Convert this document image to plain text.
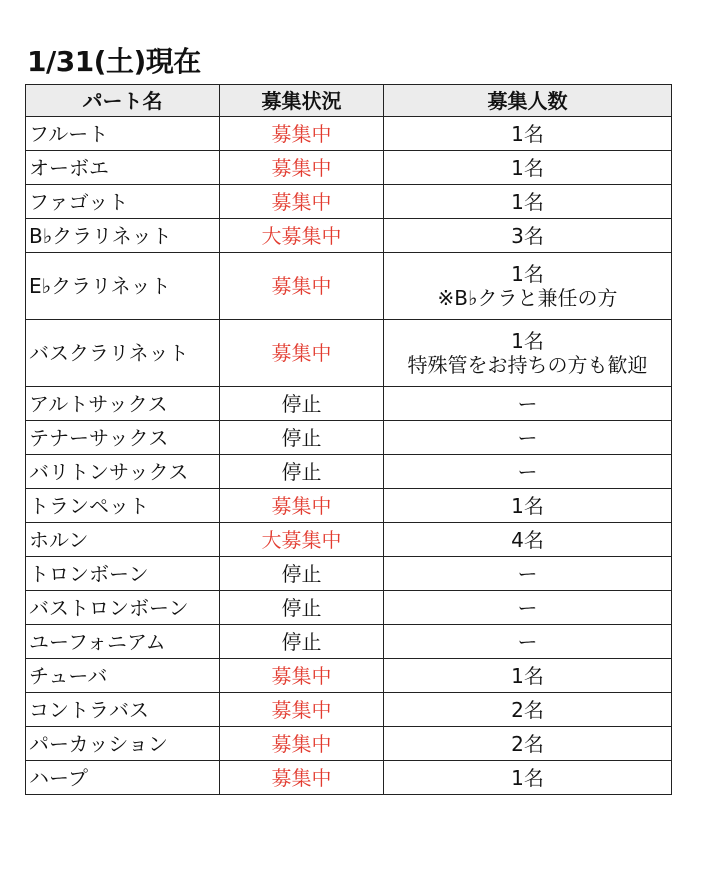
1/31(土)現在
パート名	募集状況	募集人数
フルート	募集中	1名

オーボエ	募集中	1名

ファゴット	募集中	1名

B♭クラリネット	大募集中	3名

E♭クラリネット	募集中	1名
※B♭クラと兼任の方

バスクラリネット	募集中	1名
特殊管をお持ちの方も歓迎

アルトサックス	停止	ー

テナーサックス	停止	ー

バリトンサックス	停止	ー

トランペット	募集中	1名

ホルン	大募集中	4名

トロンボーン	停止	ー

バストロンボーン	停止	ー

ユーフォニアム	停止	ー

チューバ	募集中	1名

コントラバス	募集中	2名

パーカッション	募集中	2名

ハープ	募集中	1名
